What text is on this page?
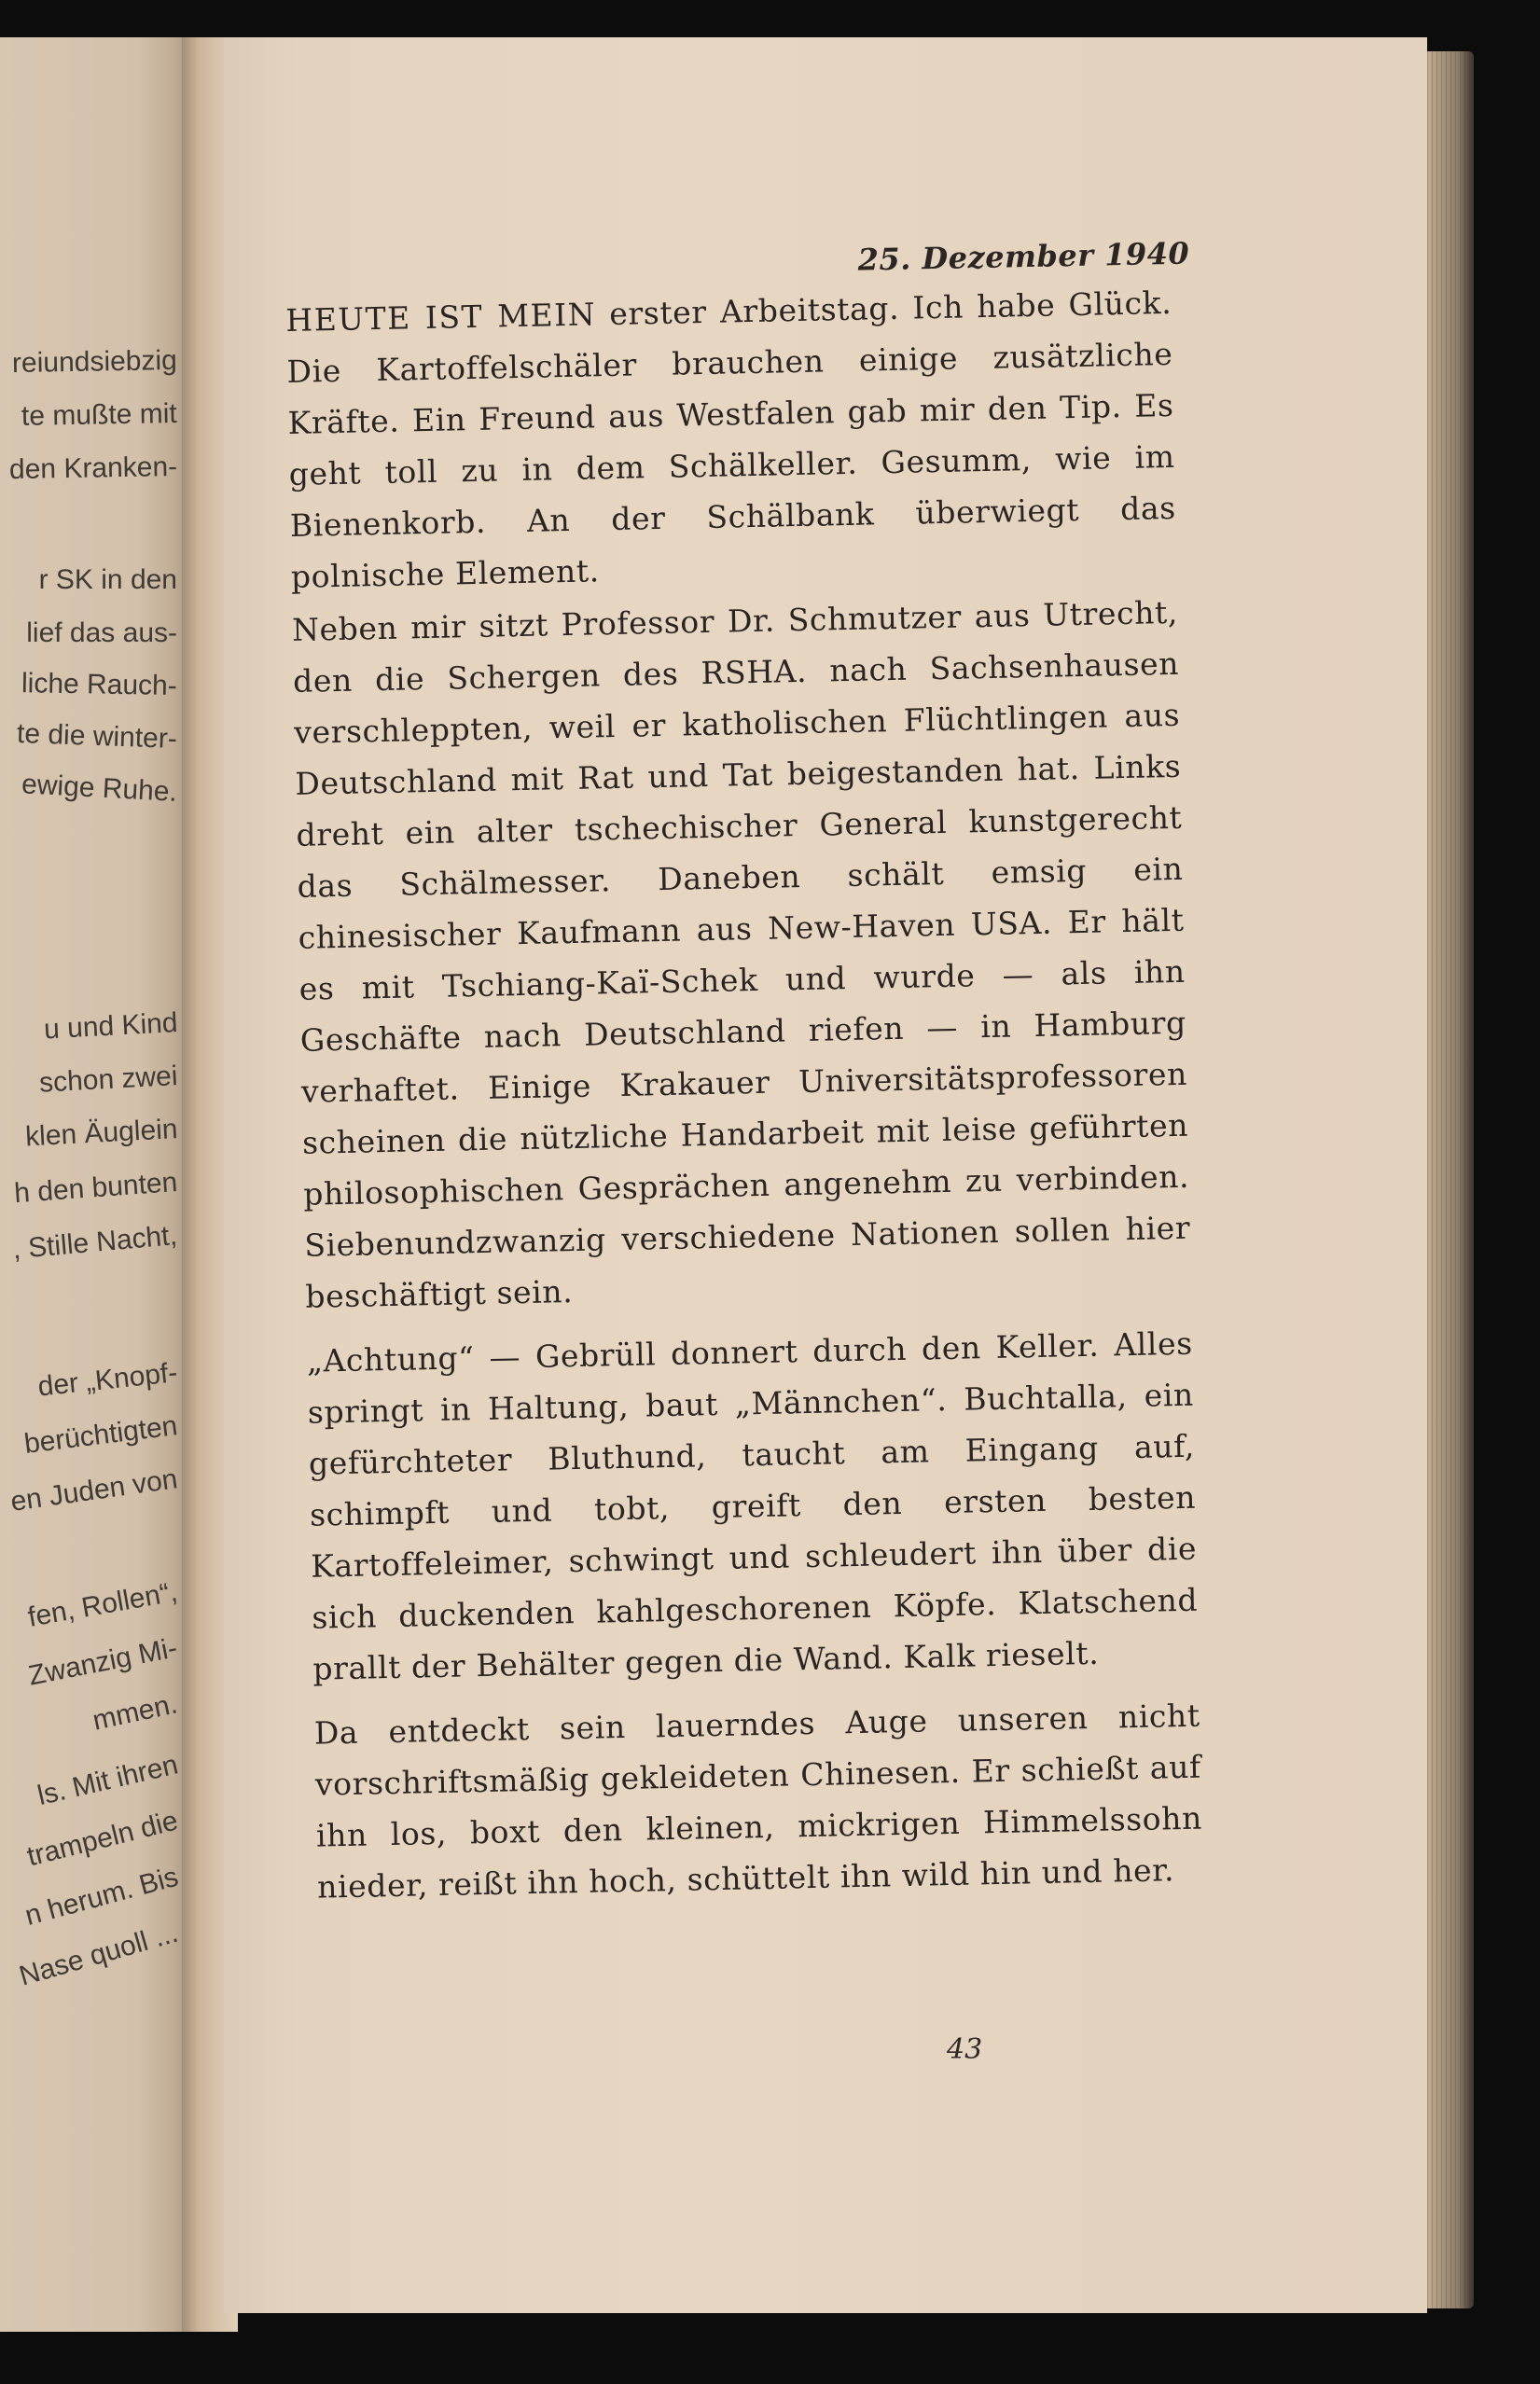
reiundsiebzig
te mußte mit
den Kranken-
r SK in den
lief das aus-
liche Rauch-
te die winter-
ewige Ruhe.
u und Kind
schon zwei
klen Äuglein
h den bunten
, Stille Nacht,
der „Knopf-
berüchtigten
en Juden von
fen, Rollen“,
Zwanzig Mi-
mmen.
ls. Mit ihren
trampeln die
n herum. Bis
Nase quoll ...
25. Dezember 1940

HEUTE IST MEIN erster Arbeitstag. Ich habe Glück. Die Kartoffelschäler brauchen einige zusätzliche Kräfte. Ein Freund aus Westfalen gab mir den Tip. Es geht toll zu in dem Schälkeller. Gesumm, wie im Bienenkorb. An der Schälbank überwiegt das polnische Element.

Neben mir sitzt Professor Dr. Schmutzer aus Utrecht, den die Schergen des RSHA. nach Sachsenhausen verschleppten, weil er katholischen Flüchtlingen aus Deutschland mit Rat und Tat beigestanden hat. Links dreht ein alter tschechischer General kunstgerecht das Schälmesser. Daneben schält emsig ein chinesischer Kaufmann aus New-Haven USA. Er hält es mit Tschiang-Kaï-Schek und wurde — als ihn Geschäfte nach Deutschland riefen — in Hamburg verhaftet. Einige Krakauer Universitätsprofessoren scheinen die nützliche Handarbeit mit leise geführten philosophischen Gesprächen angenehm zu verbinden. Siebenundzwanzig verschiedene Nationen sollen hier beschäftigt sein.

„Achtung“ — Gebrüll donnert durch den Keller. Alles springt in Haltung, baut „Männchen“. Buchtalla, ein gefürchteter Bluthund, taucht am Eingang auf, schimpft und tobt, greift den ersten besten Kartoffeleimer, schwingt und schleudert ihn über die sich duckenden kahlgeschorenen Köpfe. Klatschend prallt der Behälter gegen die Wand. Kalk rieselt.

Da entdeckt sein lauerndes Auge unseren nicht vorschriftsmäßig gekleideten Chinesen. Er schießt auf ihn los, boxt den kleinen, mickrigen Himmelssohn nieder, reißt ihn hoch, schüttelt ihn wild hin und her.

43
